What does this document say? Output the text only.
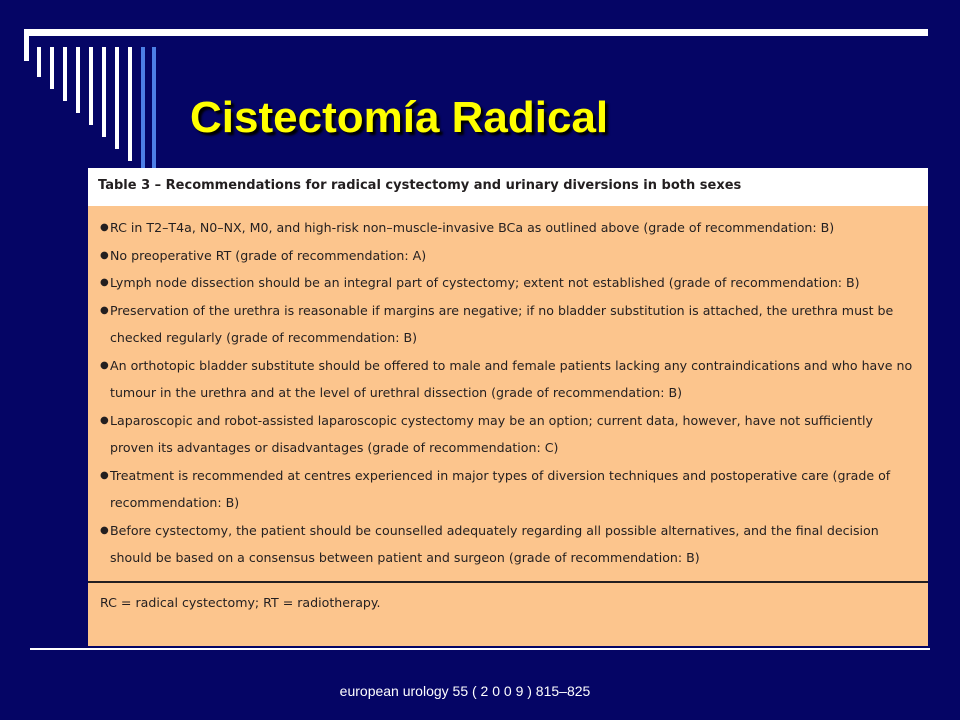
Cistectomía Radical
Table 3 – Recommendations for radical cystectomy and urinary diversions in both sexes
● RC in T2–T4a, N0–NX, M0, and high-risk non–muscle-invasive BCa as outlined above (grade of recommendation: B)
● No preoperative RT (grade of recommendation: A)
● Lymph node dissection should be an integral part of cystectomy; extent not established (grade of recommendation: B)
● Preservation of the urethra is reasonable if margins are negative; if no bladder substitution is attached, the urethra must be checked regularly (grade of recommendation: B)
● An orthotopic bladder substitute should be offered to male and female patients lacking any contraindications and who have no tumour in the urethra and at the level of urethral dissection (grade of recommendation: B)
● Laparoscopic and robot-assisted laparoscopic cystectomy may be an option; current data, however, have not sufficiently proven its advantages or disadvantages (grade of recommendation: C)
● Treatment is recommended at centres experienced in major types of diversion techniques and postoperative care (grade of recommendation: B)
● Before cystectomy, the patient should be counselled adequately regarding all possible alternatives, and the final decision should be based on a consensus between patient and surgeon (grade of recommendation: B)
RC = radical cystectomy; RT = radiotherapy.
european urology 55 ( 2 0 0 9 ) 815–825
